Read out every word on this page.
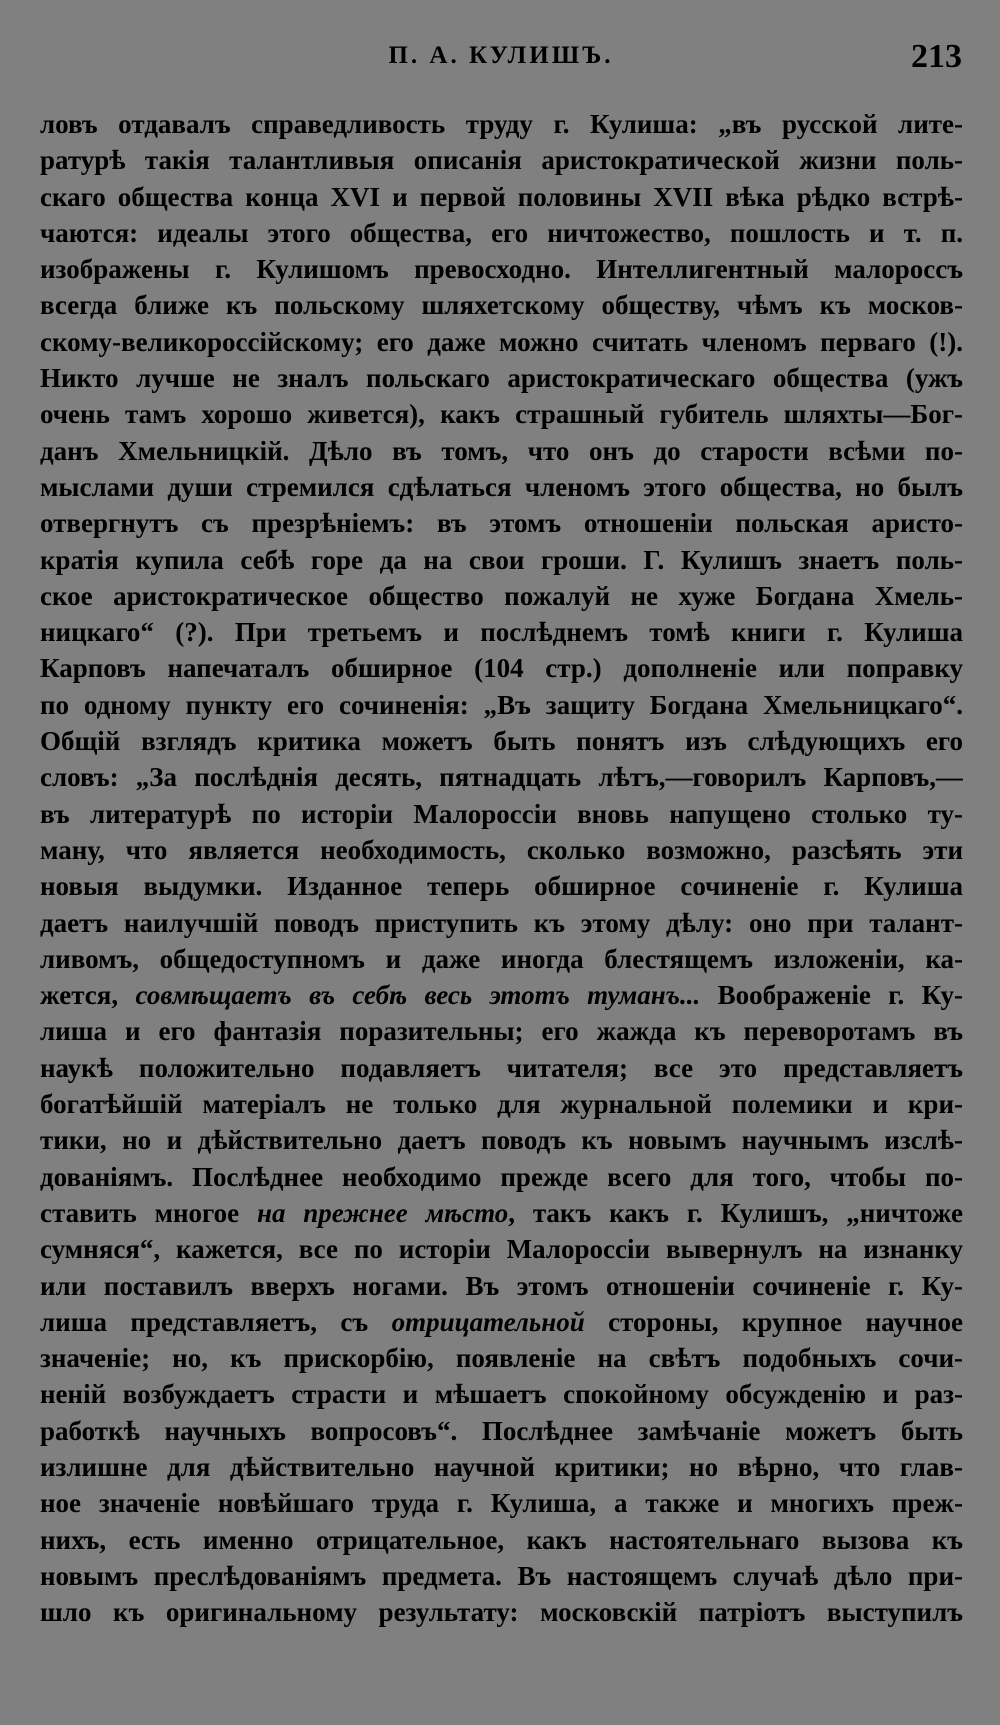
П. А. КУЛИШЪ.	213
ловъ отдавалъ справедливость труду г. Кулиша: „въ русской лите-
ратурѣ такія талантливыя описанія аристократической жизни поль-
скаго общества конца XVI и первой половины XVII вѣка рѣдко встрѣ-
чаются: идеалы этого общества, его ничтожество, пошлость и т. п.
изображены г. Кулишомъ превосходно. Интеллигентный малороссъ
всегда ближе къ польскому шляхетскому обществу, чѣмъ къ москов-
скому-великороссійскому; его даже можно считать членомъ перваго (!).
Никто лучше не зналъ польскаго аристократическаго общества (ужъ
очень тамъ хорошо живется), какъ страшный губитель шляхты—Бог-
данъ Хмельницкій. Дѣло въ томъ, что онъ до старости всѣми по-
мыслами души стремился сдѣлаться членомъ этого общества, но былъ
отвергнутъ съ презрѣніемъ: въ этомъ отношеніи польская аристо-
кратія купила себѣ горе да на свои гроши. Г. Кулишъ знаетъ поль-
ское аристократическое общество пожалуй не хуже Богдана Хмель-
ницкаго“ (?). При третьемъ и послѣднемъ томѣ книги г. Кулиша
Карповъ напечаталъ обширное (104 стр.) дополненіе или поправку
по одному пункту его сочиненія: „Въ защиту Богдана Хмельницкаго“.
Общій взглядъ критика можетъ быть понятъ изъ слѣдующихъ его
словъ: „За послѣднія десять, пятнадцать лѣтъ,—говорилъ Карповъ,—
въ литературѣ по исторіи Малороссіи вновь напущено столько ту-
ману, что является необходимость, сколько возможно, разсѣять эти
новыя выдумки. Изданное теперь обширное сочиненіе г. Кулиша
даетъ наилучшій поводъ приступить къ этому дѣлу: оно при талант-
ливомъ, общедоступномъ и даже иногда блестящемъ изложеніи, ка-
жется, совмѣщаетъ въ себѣ весь этотъ туманъ... Воображеніе г. Ку-
лиша и его фантазія поразительны; его жажда къ переворотамъ въ
наукѣ положительно подавляетъ читателя; все это представляетъ
богатѣйшій матеріалъ не только для журнальной полемики и кри-
тики, но и дѣйствительно даетъ поводъ къ новымъ научнымъ изслѣ-
дованіямъ. Послѣднее необходимо прежде всего для того, чтобы по-
ставить многое на прежнее мѣсто, такъ какъ г. Кулишъ, „ничтоже
сумняся“, кажется, все по исторіи Малороссіи вывернулъ на изнанку
или поставилъ вверхъ ногами. Въ этомъ отношеніи сочиненіе г. Ку-
лиша представляетъ, съ отрицательной стороны, крупное научное
значеніе; но, къ прискорбію, появленіе на свѣтъ подобныхъ сочи-
неній возбуждаетъ страсти и мѣшаетъ спокойному обсужденію и раз-
работкѣ научныхъ вопросовъ“. Послѣднее замѣчаніе можетъ быть
излишне для дѣйствительно научной критики; но вѣрно, что глав-
ное значеніе новѣйшаго труда г. Кулиша, а также и многихъ преж-
нихъ, есть именно отрицательное, какъ настоятельнаго вызова къ
новымъ преслѣдованіямъ предмета. Въ настоящемъ случаѣ дѣло при-
шло къ оригинальному результату: московскій патріотъ выступилъ
